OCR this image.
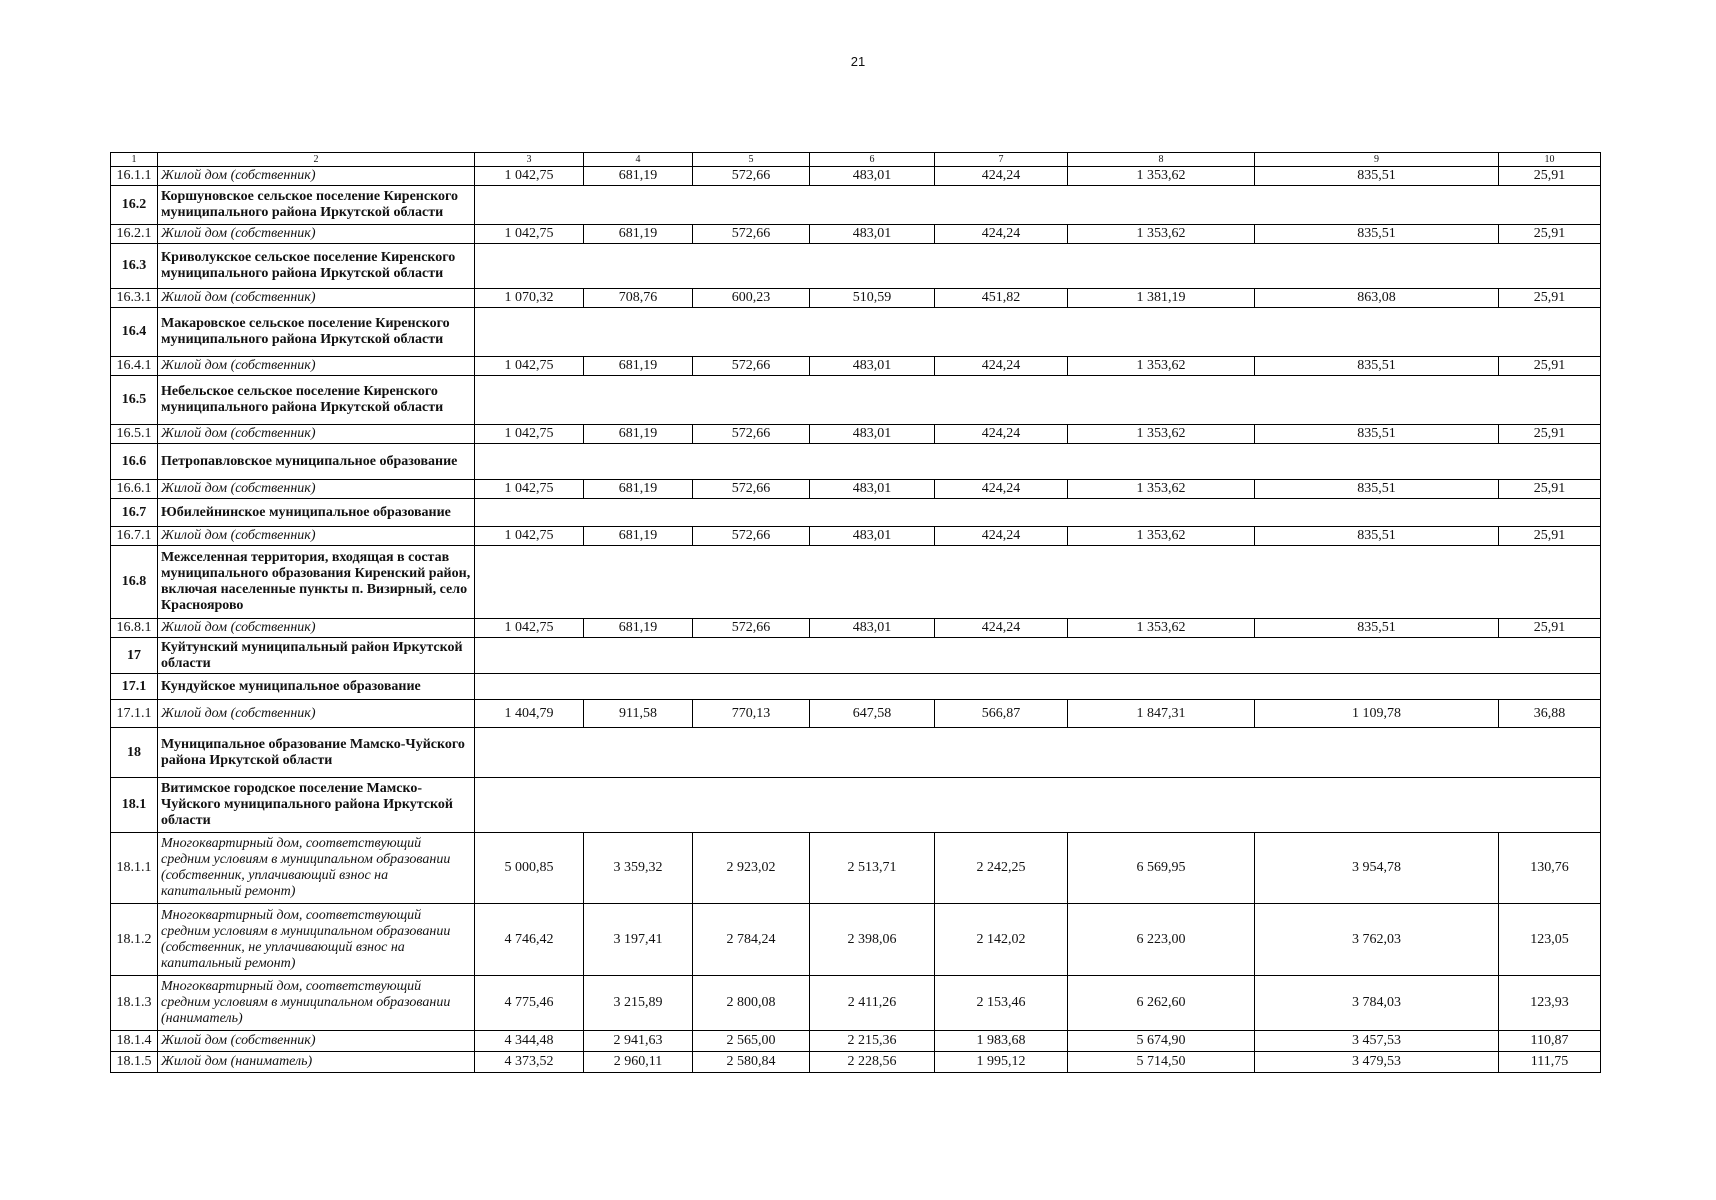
21
1	2	3	4	5	6	7	8	9	10
16.1.1	Жилой дом (собственник)	1 042,75	681,19	572,66	483,01	424,24	1 353,62	835,51	25,91
16.2	Коршуновское сельское поселение Киренского муниципального района Иркутской области								
16.2.1	Жилой дом (собственник)	1 042,75	681,19	572,66	483,01	424,24	1 353,62	835,51	25,91
16.3	Криволукское сельское поселение Киренского муниципального района Иркутской области								
16.3.1	Жилой дом (собственник)	1 070,32	708,76	600,23	510,59	451,82	1 381,19	863,08	25,91
16.4	Макаровское сельское поселение Киренского муниципального района Иркутской области								
16.4.1	Жилой дом (собственник)	1 042,75	681,19	572,66	483,01	424,24	1 353,62	835,51	25,91
16.5	Небельское сельское поселение Киренского муниципального района Иркутской области								
16.5.1	Жилой дом (собственник)	1 042,75	681,19	572,66	483,01	424,24	1 353,62	835,51	25,91
16.6	Петропавловское муниципальное образование								
16.6.1	Жилой дом (собственник)	1 042,75	681,19	572,66	483,01	424,24	1 353,62	835,51	25,91
16.7	Юбилейнинское муниципальное образование								
16.7.1	Жилой дом (собственник)	1 042,75	681,19	572,66	483,01	424,24	1 353,62	835,51	25,91
16.8	Межселенная территория, входящая в состав муниципального образования Киренский район, включая населенные пункты п. Визирный, село Красноярово								
16.8.1	Жилой дом (собственник)	1 042,75	681,19	572,66	483,01	424,24	1 353,62	835,51	25,91
17	Куйтунский муниципальный район Иркутской области								
17.1	Кундуйское муниципальное образование								
17.1.1	Жилой дом (собственник)	1 404,79	911,58	770,13	647,58	566,87	1 847,31	1 109,78	36,88
18	Муниципальное образование Мамско-Чуйского района Иркутской области								
18.1	Витимское городское поселение Мамско-Чуйского муниципального района Иркутской области								
18.1.1	Многоквартирный дом, соответствующий средним условиям в муниципальном образовании (собственник, уплачивающий взнос на капитальный ремонт)	5 000,85	3 359,32	2 923,02	2 513,71	2 242,25	6 569,95	3 954,78	130,76
18.1.2	Многоквартирный дом, соответствующий средним условиям в муниципальном образовании (собственник, не уплачивающий взнос на капитальный ремонт)	4 746,42	3 197,41	2 784,24	2 398,06	2 142,02	6 223,00	3 762,03	123,05
18.1.3	Многоквартирный дом, соответствующий средним условиям в муниципальном образовании (наниматель)	4 775,46	3 215,89	2 800,08	2 411,26	2 153,46	6 262,60	3 784,03	123,93
18.1.4	Жилой дом (собственник)	4 344,48	2 941,63	2 565,00	2 215,36	1 983,68	5 674,90	3 457,53	110,87
18.1.5	Жилой дом (наниматель)	4 373,52	2 960,11	2 580,84	2 228,56	1 995,12	5 714,50	3 479,53	111,75
